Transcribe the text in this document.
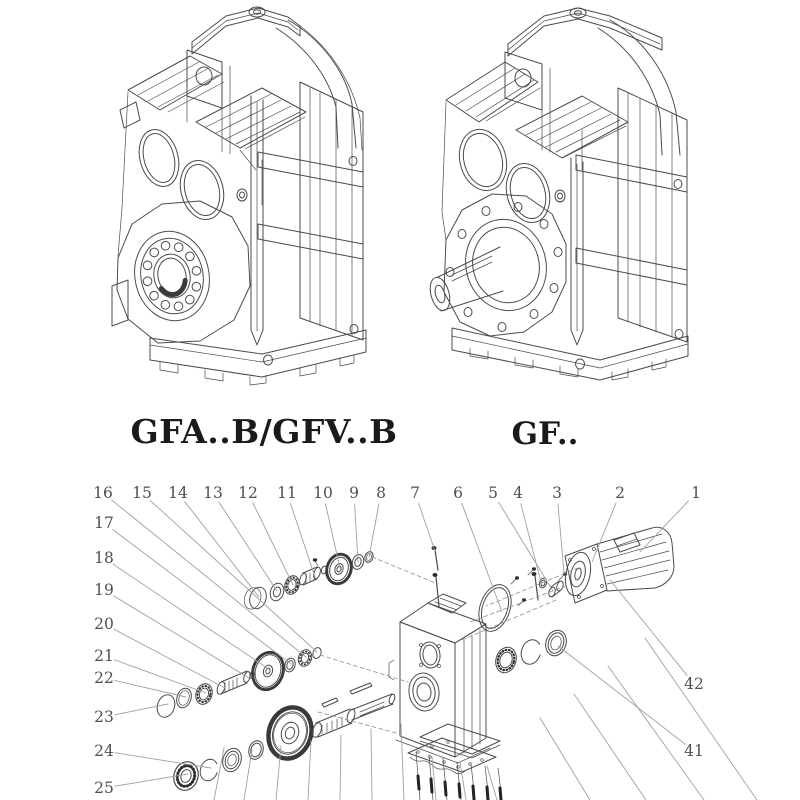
1
2
3
4
5
6
7
8
9
10
11
12
13
14
15
16
17
18
19
20
21
22
23
24
25
41
42
GFA..B/GFV..B	GF..
